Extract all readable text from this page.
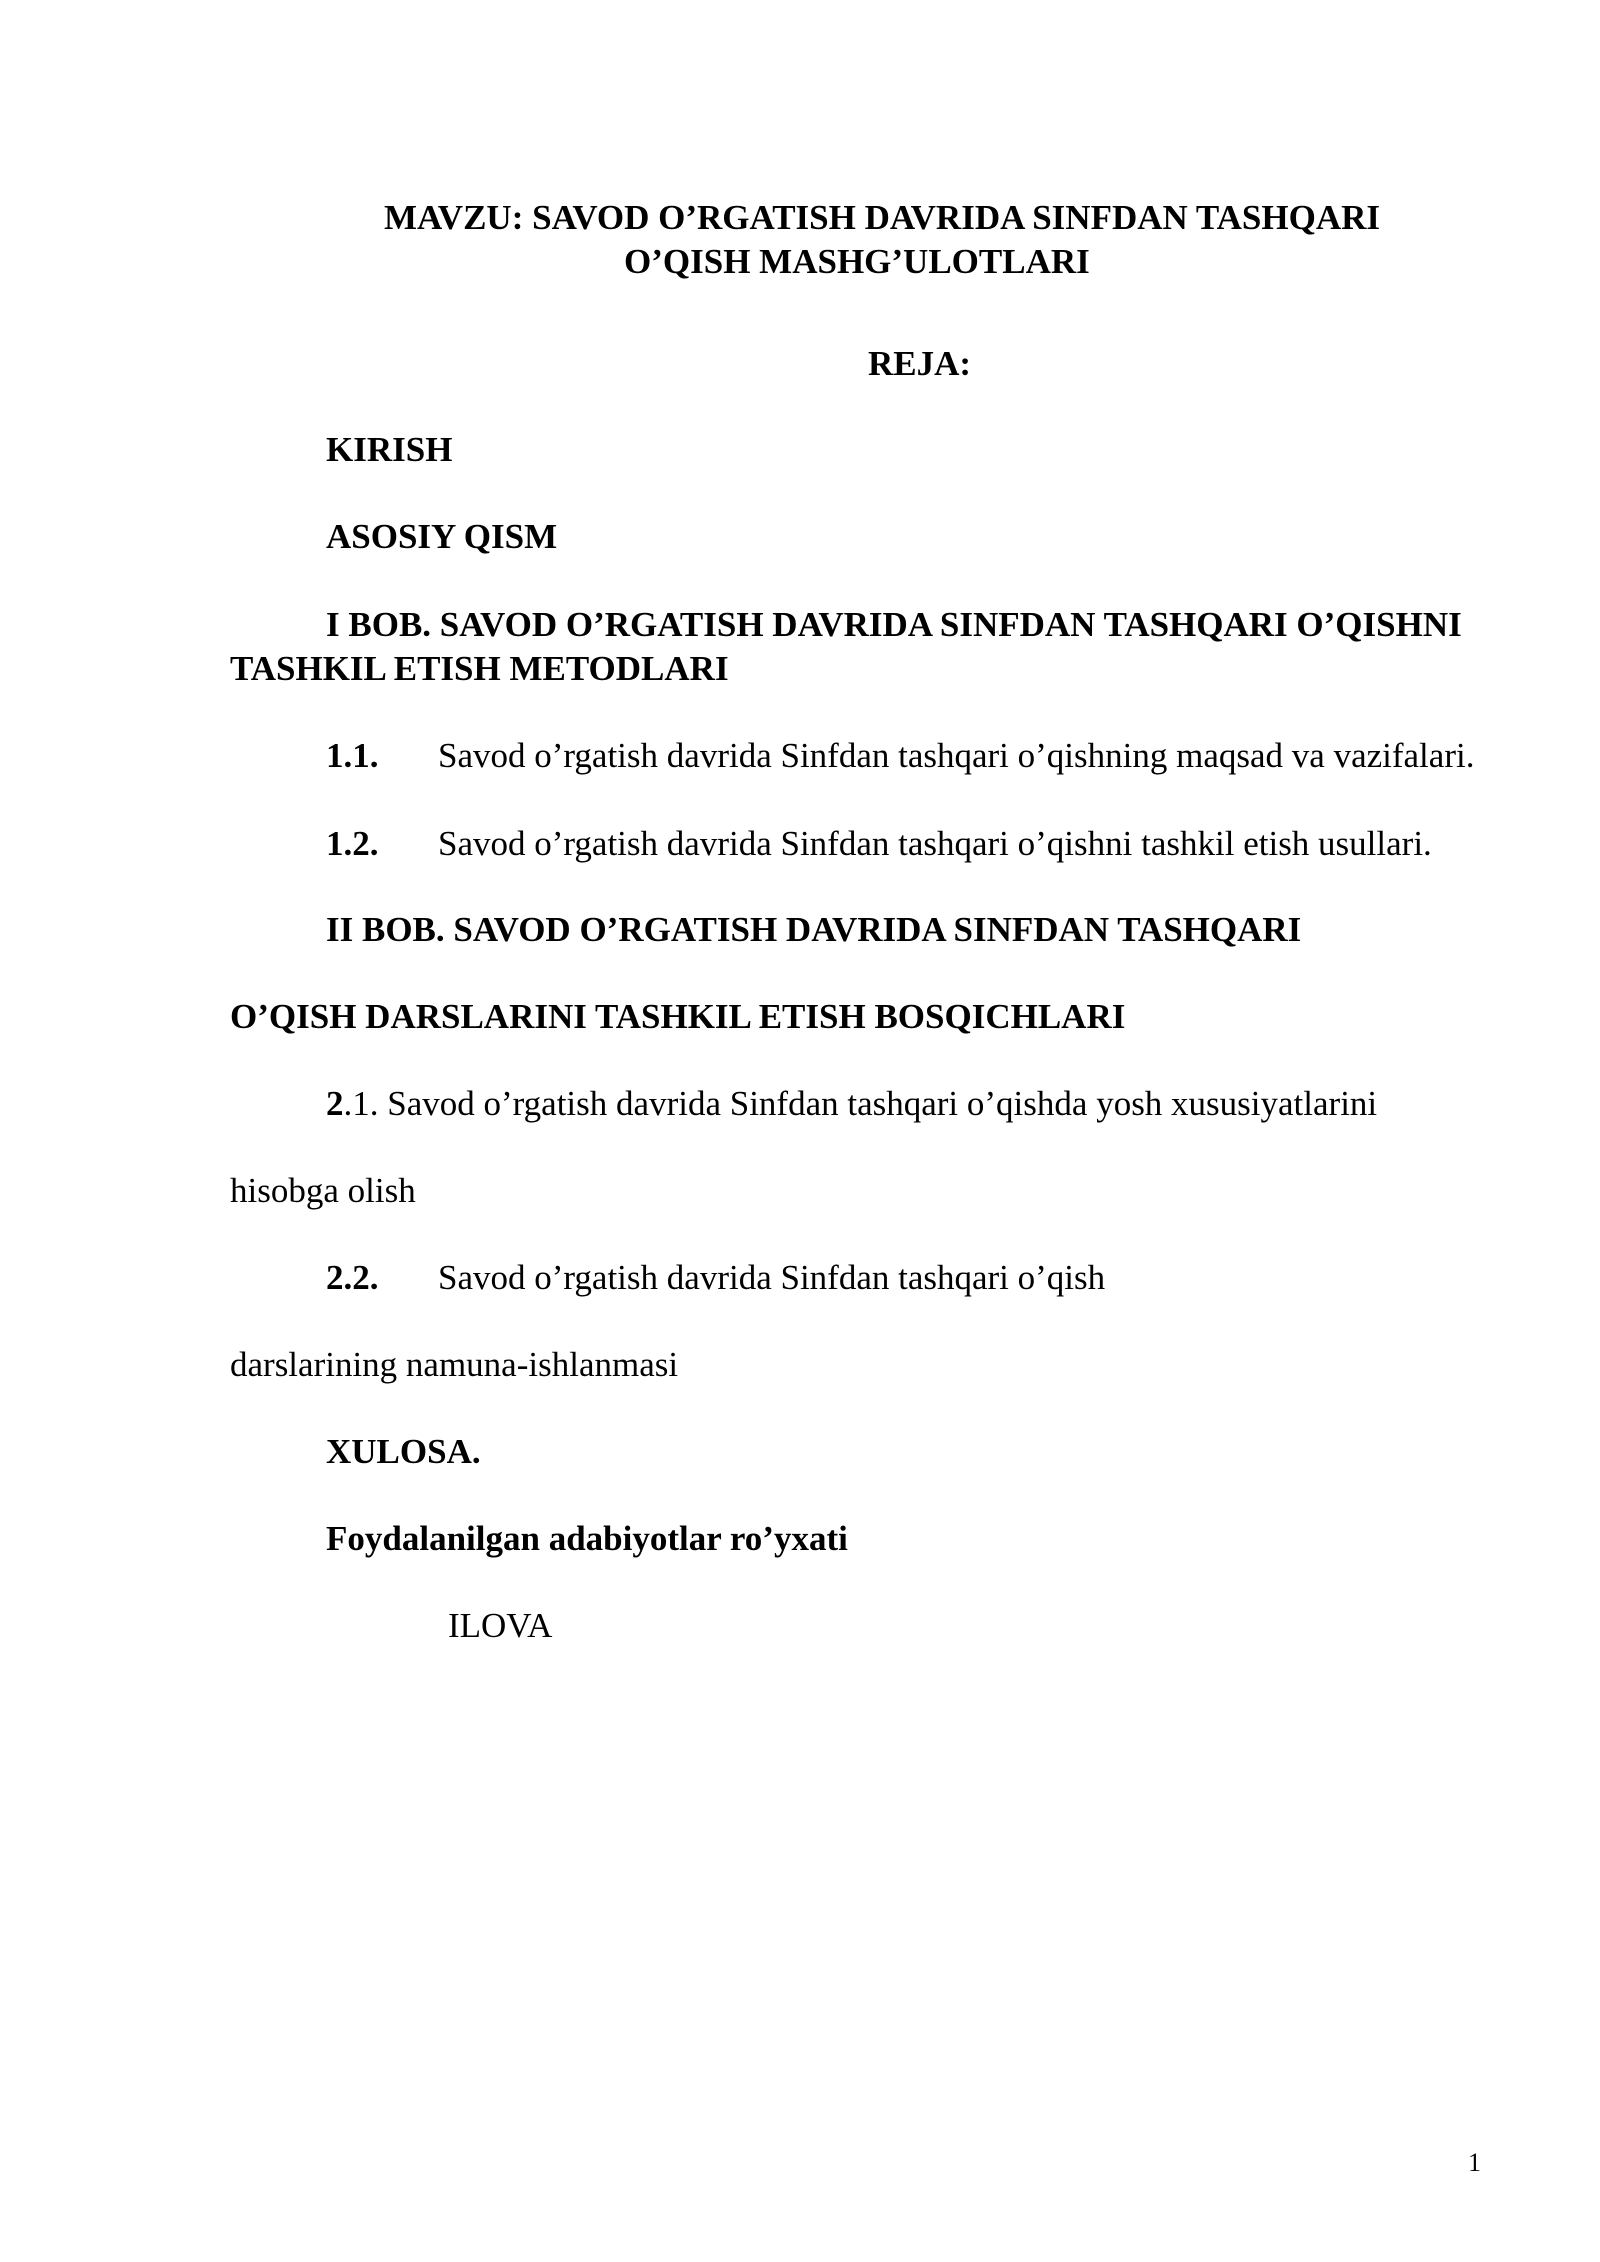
MAVZU: SAVOD O’RGATISH DAVRIDA SINFDAN TASHQARI
O’QISH MASHG’ULOTLARI
REJA:
KIRISH
ASOSIY QISM
I BOB. SAVOD O’RGATISH DAVRIDA SINFDAN TASHQARI O’QISHNI
TASHKIL ETISH METODLARI
1.1. Savod o’rgatish davrida Sinfdan tashqari o’qishning maqsad va vazifalari.
1.2. Savod o’rgatish davrida Sinfdan tashqari o’qishni tashkil etish usullari.
II BOB. SAVOD O’RGATISH DAVRIDA SINFDAN TASHQARI
O’QISH DARSLARINI TASHKIL ETISH BOSQICHLARI
2.1. Savod o’rgatish davrida Sinfdan tashqari o’qishda yosh xususiyatlarini
hisobga olish
2.2. Savod o’rgatish davrida Sinfdan tashqari o’qish
darslarining namuna-ishlanmasi
XULOSA.
Foydalanilgan adabiyotlar ro’yxati
ILOVA
1
